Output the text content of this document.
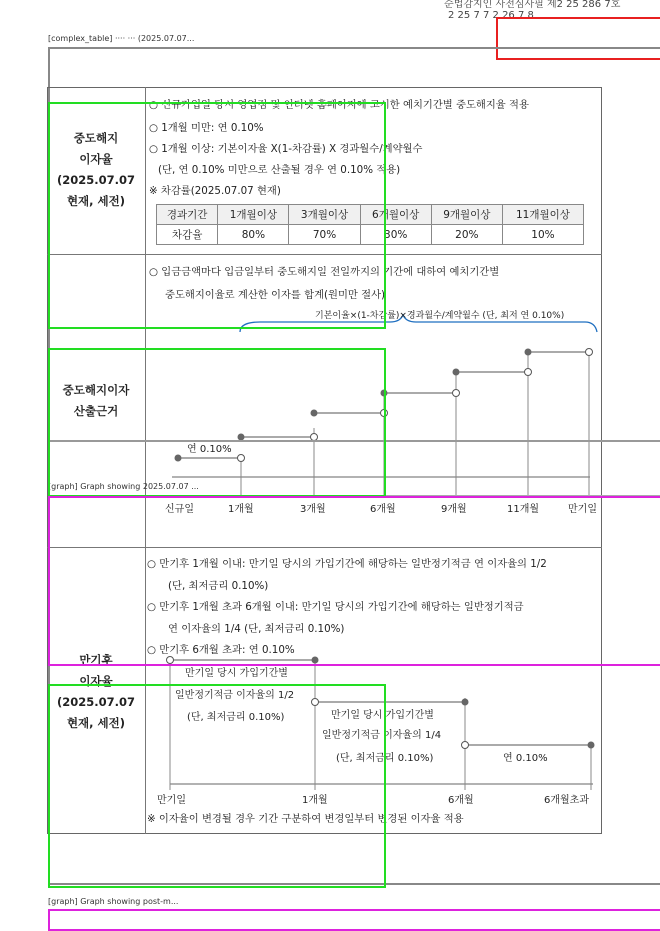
순법감지인 사전심사필 제2 25 286 7호
2 25 7 7 2 26 7 8
[complex_table] ···· ··· (2025.07.07...
중도해지
이자율
(2025.07.07
현재, 세전)
○ 신규가입일 당시 영업점 및 인터넷 홈페이지에 고시한 예치기간별 중도해지율 적용
○ 1개월 미만: 연 0.10%
○ 1개월 이상: 기본이자율 X(1-차감률) X 경과월수/계약월수
(단, 연 0.10% 미만으로 산출될 경우 연 0.10% 적용)
※ 차감률(2025.07.07 현재)
경과기간	1개월이상	3개월이상	6개월이상	9개월이상	11개월이상
차감율	80%	70%	30%	20%	10%
중도해지이자
산출근거
○ 입금금액마다 입금일부터 중도해지일 전일까지의 기간에 대하여 예치기간별
중도해지이율로 계산한 이자를 합계(원미만 절사)
기본이율×(1-차감률)×경과월수/계약월수 (단, 최저 연 0.10%)
연 0.10%
신규일	1개월	3개월	6개월	9개월	11개월	만기일
[graph] Graph showing 2025.07.07 ...
만기후
이자율
(2025.07.07
현재, 세전)
○ 만기후 1개월 이내: 만기일 당시의 가입기간에 해당하는 일반정기적금 연 이자율의 1/2
(단, 최저금리 0.10%)
○ 만기후 1개월 초과 6개월 이내: 만기일 당시의 가입기간에 해당하는 일반정기적금
연 이자율의 1/4 (단, 최저금리 0.10%)
○ 만기후 6개월 초과: 연 0.10%
만기일 당시 가입기간별
일반정기적금 이자율의 1/2
(단, 최저금리 0.10%)	만기일 당시 가입기간별
일반정기적금 이자율의 1/4
(단, 최저금리 0.10%)	연 0.10%
만기일	1개월	6개월	6개월초과
※ 이자율이 변경될 경우 기간 구분하여 변경일부터 변경된 이자율 적용
[graph] Graph showing post-m...
